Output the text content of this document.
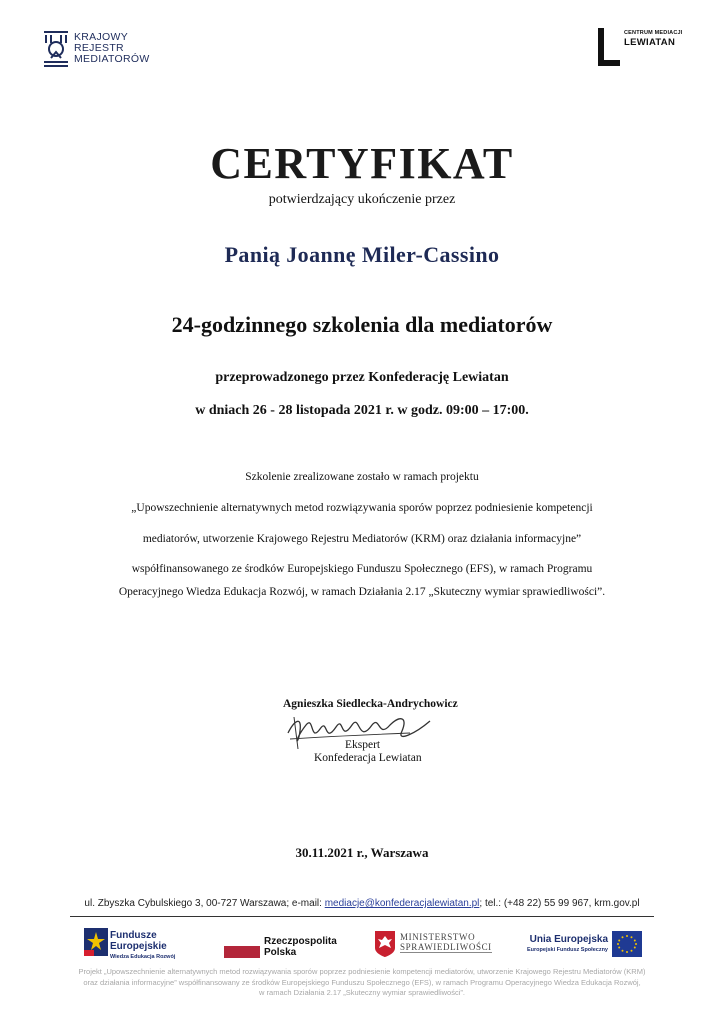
KRAJOWY
REJESTR
MEDIATORÓW
CENTRUM MEDIACJI
LEWIATAN
CERTYFIKAT
potwierdzający ukończenie przez
Panią Joannę Miler-Cassino
24-godzinnego szkolenia dla mediatorów
przeprowadzonego przez Konfederację Lewiatan
w dniach 26 - 28 listopada 2021 r. w godz. 09:00 – 17:00.
Szkolenie zrealizowane zostało w ramach projektu
„Upowszechnienie alternatywnych metod rozwiązywania sporów poprzez podniesienie kompetencji
mediatorów, utworzenie Krajowego Rejestru Mediatorów (KRM) oraz działania informacyjne”
współfinansowanego ze środków Europejskiego Funduszu Społecznego (EFS), w ramach Programu
Operacyjnego Wiedza Edukacja Rozwój, w ramach Działania 2.17 „Skuteczny wymiar sprawiedliwości”.
Agnieszka Siedlecka-Andrychowicz
Ekspert
Konfederacja Lewiatan
30.11.2021 r., Warszawa
ul. Zbyszka Cybulskiego 3, 00-727 Warszawa; e-mail: mediacje@konfederacjalewiatan.pl; tel.: (+48 22) 55 99 967, krm.gov.pl
Fundusze
Europejskie
Wiedza Edukacja Rozwój
Rzeczpospolita
Polska
MINISTERSTWO
SPRAWIEDLIWOŚCI
Unia Europejska
Europejski Fundusz Społeczny
Projekt „Upowszechnienie alternatywnych metod rozwiązywania sporów poprzez podniesienie kompetencji mediatorów, utworzenie Krajowego Rejestru Mediatorów (KRM)
oraz działania informacyjne” współfinansowany ze środków Europejskiego Funduszu Społecznego (EFS), w ramach Programu Operacyjnego Wiedza Edukacja Rozwój,
w ramach Działania 2.17 „Skuteczny wymiar sprawiedliwości”.
